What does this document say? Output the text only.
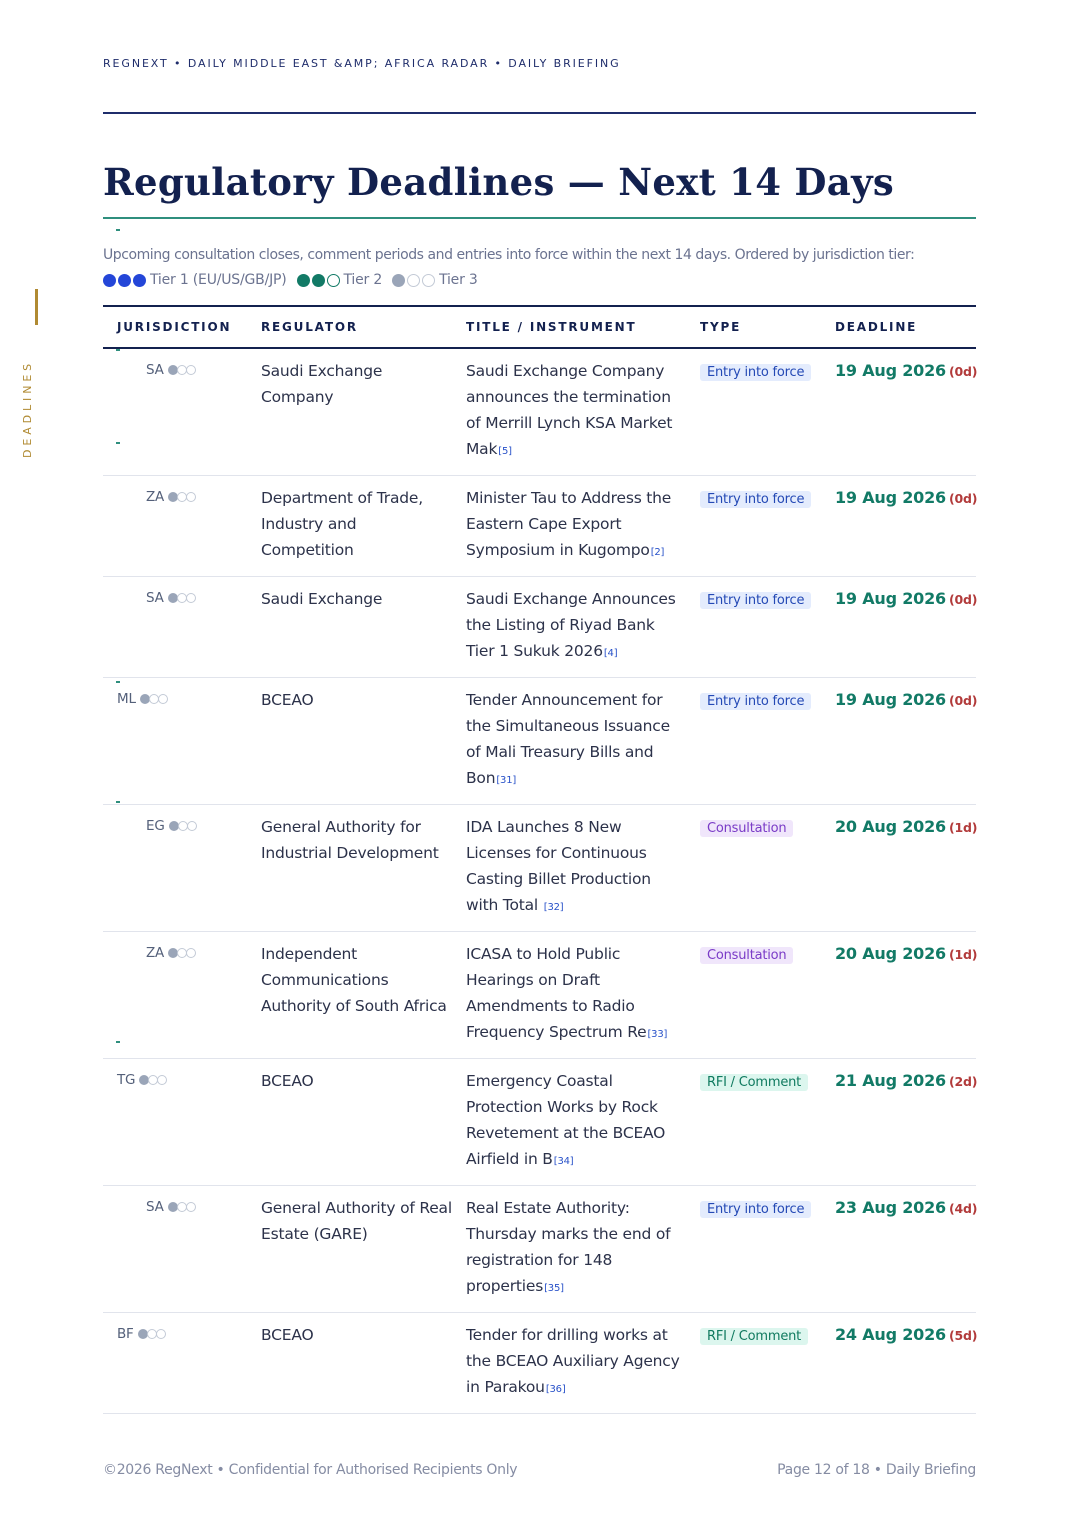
REGNEXT • DAILY MIDDLE EAST &AMP; AFRICA RADAR • DAILY BRIEFING
DEADLINES
Regulatory Deadlines — Next 14 Days
Upcoming consultation closes, comment periods and entries into force within the next 14 days. Ordered by jurisdiction tier:
Tier 1 (EU/US/GB/JP)	Tier 2	Tier 3
JURISDICTION	REGULATOR	TITLE / INSTRUMENT	TYPE	DEADLINE

SA	Saudi Exchange Company	Saudi Exchange Company announces the termination of Merrill Lynch KSA Market Mak[5]	Entry into force	19 Aug 2026 (0d)

ZA	Department of Trade, Industry and Competition	Minister Tau to Address the Eastern Cape Export Symposium in Kugompo[2]	Entry into force	19 Aug 2026 (0d)

SA	Saudi Exchange	Saudi Exchange Announces the Listing of Riyad Bank Tier 1 Sukuk 2026[4]	Entry into force	19 Aug 2026 (0d)

ML	BCEAO	Tender Announcement for the Simultaneous Issuance of Mali Treasury Bills and Bon[31]	Entry into force	19 Aug 2026 (0d)

EG	General Authority for Industrial Development	IDA Launches 8 New Licenses for Continuous Casting Billet Production with Total [32]	Consultation	20 Aug 2026 (1d)

ZA	Independent Communications Authority of South Africa	ICASA to Hold Public Hearings on Draft Amendments to Radio Frequency Spectrum Re[33]	Consultation	20 Aug 2026 (1d)

TG	BCEAO	Emergency Coastal Protection Works by Rock Revetement at the BCEAO Airfield in B[34]	RFI / Comment	21 Aug 2026 (2d)

SA	General Authority of Real Estate (GARE)	Real Estate Authority: Thursday marks the end of registration for 148 properties[35]	Entry into force	23 Aug 2026 (4d)

BF	BCEAO	Tender for drilling works at the BCEAO Auxiliary Agency in Parakou[36]	RFI / Comment	24 Aug 2026 (5d)
©2026 RegNext • Confidential for Authorised Recipients Only	Page 12 of 18 • Daily Briefing
